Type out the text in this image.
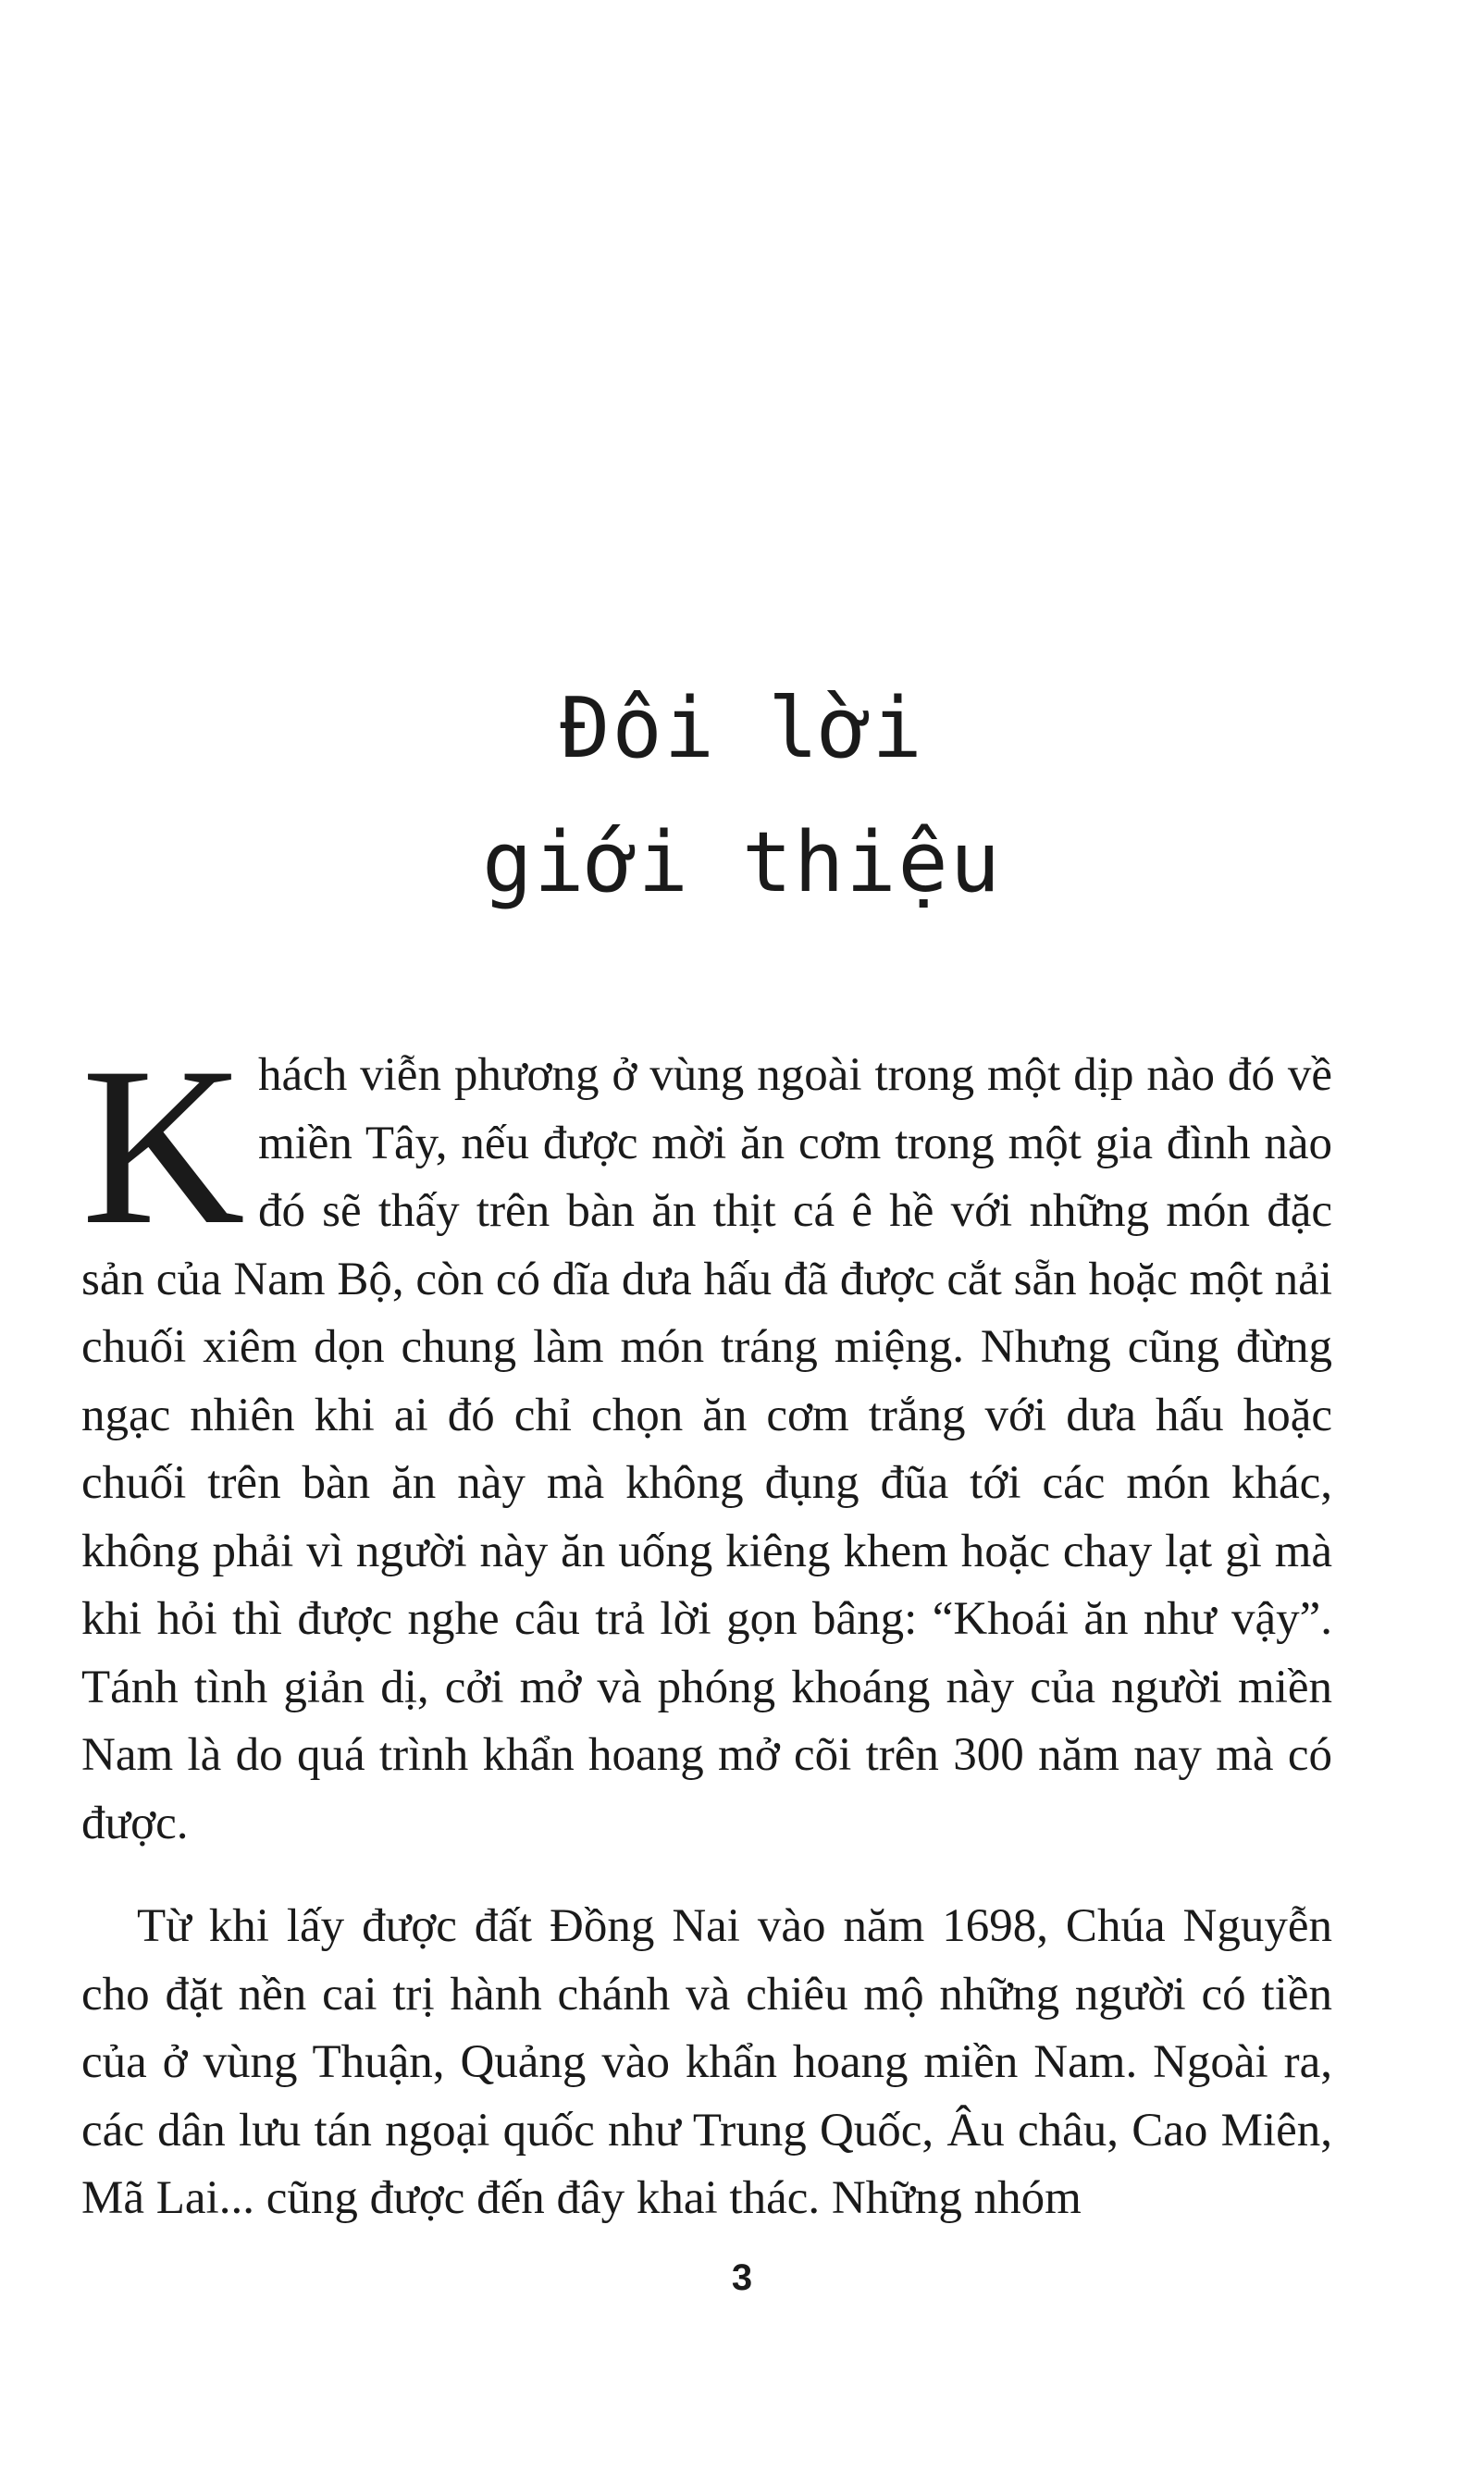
Đôi lời
giới thiệu
K hách viễn phương ở vùng ngoài trong một dịp nào đó về miền Tây, nếu được mời ăn cơm trong một gia đình nào đó sẽ thấy trên bàn ăn thịt cá ê hề với những món đặc sản của Nam Bộ, còn có dĩa dưa hấu đã được cắt sẵn hoặc một nải chuối xiêm dọn chung làm món tráng miệng. Nhưng cũng đừng ngạc nhiên khi ai đó chỉ chọn ăn cơm trắng với dưa hấu hoặc chuối trên bàn ăn này mà không đụng đũa tới các món khác, không phải vì người này ăn uống kiêng khem hoặc chay lạt gì mà khi hỏi thì được nghe câu trả lời gọn bâng: “Khoái ăn như vậy”. Tánh tình giản dị, cởi mở và phóng khoáng này của người miền Nam là do quá trình khẩn hoang mở cõi trên 300 năm nay mà có được.
Từ khi lấy được đất Đồng Nai vào năm 1698, Chúa Nguyễn cho đặt nền cai trị hành chánh và chiêu mộ những người có tiền của ở vùng Thuận, Quảng vào khẩn hoang miền Nam. Ngoài ra, các dân lưu tán ngoại quốc như Trung Quốc, Âu châu, Cao Miên, Mã Lai... cũng được đến đây khai thác. Những nhóm
3
